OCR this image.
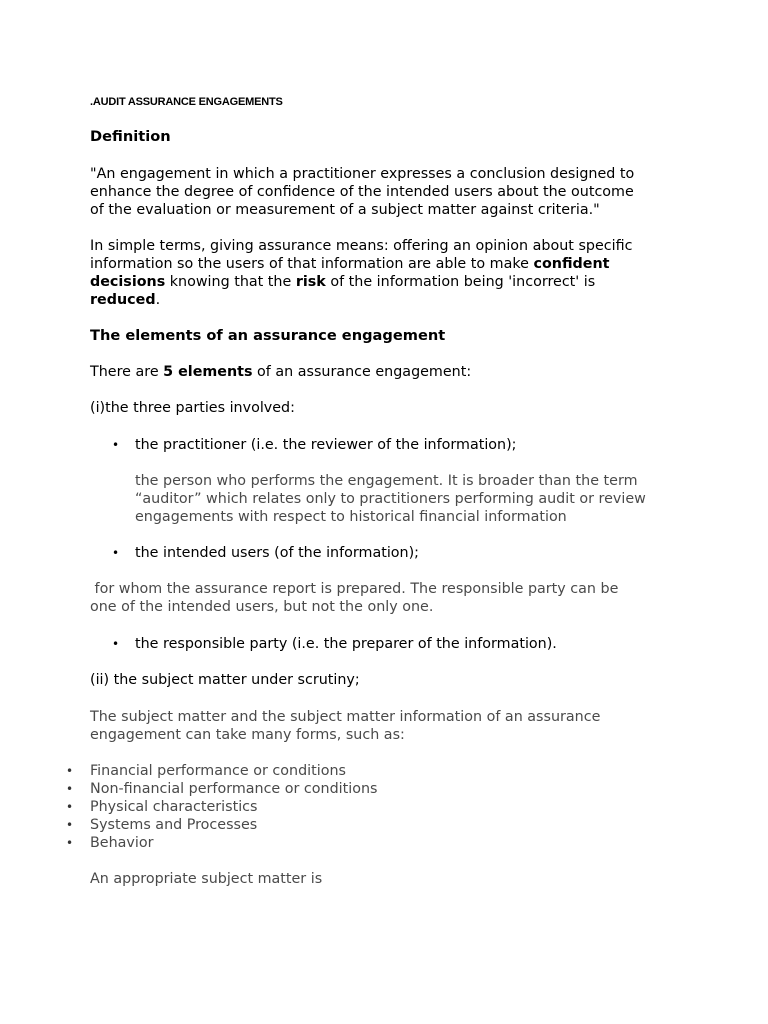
.AUDIT ASSURANCE ENGAGEMENTS
Definition
"An engagement in which a practitioner expresses a conclusion designed to
enhance the degree of confidence of the intended users about the outcome
of the evaluation or measurement of a subject matter against criteria."
In simple terms, giving assurance means: offering an opinion about specific
information so the users of that information are able to make confident
decisions knowing that the risk of the information being 'incorrect' is
reduced.
The elements of an assurance engagement
There are 5 elements of an assurance engagement:
(i)the three parties involved:
• the practitioner (i.e. the reviewer of the information);
the person who performs the engagement. It is broader than the term
“auditor” which relates only to practitioners performing audit or review
engagements with respect to historical financial information
• the intended users (of the information);
for whom the assurance report is prepared. The responsible party can be
one of the intended users, but not the only one.
• the responsible party (i.e. the preparer of the information).
(ii) the subject matter under scrutiny;
The subject matter and the subject matter information of an assurance
engagement can take many forms, such as:
• Financial performance or conditions
• Non-financial performance or conditions
• Physical characteristics
• Systems and Processes
• Behavior
An appropriate subject matter is
